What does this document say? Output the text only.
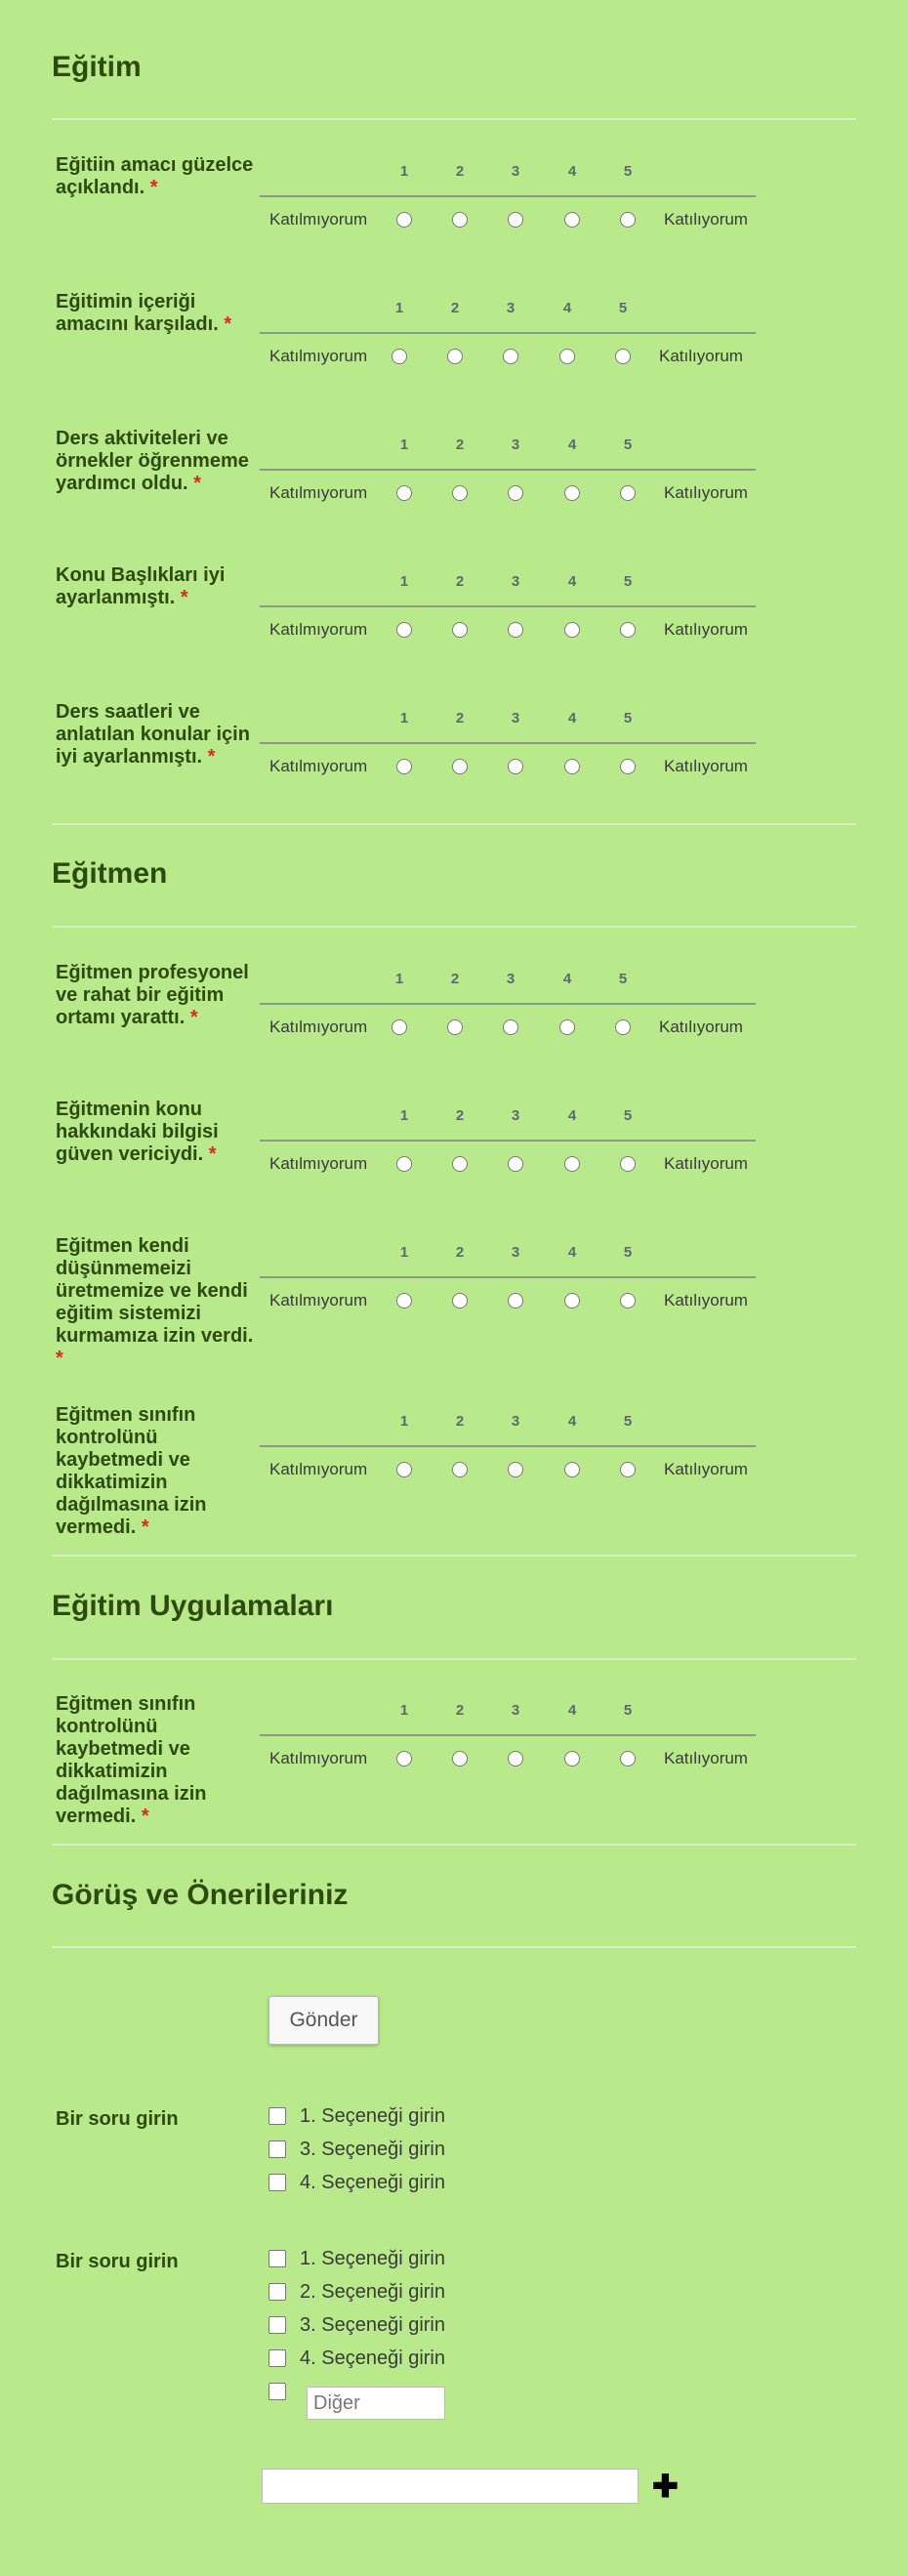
Eğitim
Eğitiin amacı güzelce açıklandı. *
1	2	3	4	5
Katılmıyorum	Katılıyorum
Eğitimin içeriği amacını karşıladı. *
1	2	3	4	5
Katılmıyorum	Katılıyorum
Ders aktiviteleri ve örnekler öğrenmeme yardımcı oldu. *
1	2	3	4	5
Katılmıyorum	Katılıyorum
Konu Başlıkları iyi ayarlanmıştı. *
1	2	3	4	5
Katılmıyorum	Katılıyorum
Ders saatleri ve anlatılan konular için iyi ayarlanmıştı. *
1	2	3	4	5
Katılmıyorum	Katılıyorum
Eğitmen
Eğitmen profesyonel ve rahat bir eğitim ortamı yarattı. *
1	2	3	4	5
Katılmıyorum	Katılıyorum
Eğitmenin konu hakkındaki bilgisi güven vericiydi. *
1	2	3	4	5
Katılmıyorum	Katılıyorum
Eğitmen kendi düşünmemeizi üretmemize ve kendi eğitim sistemizi kurmamıza izin verdi. *
1	2	3	4	5
Katılmıyorum	Katılıyorum
Eğitmen sınıfın kontrolünü kaybetmedi ve dikkatimizin dağılmasına izin vermedi. *
1	2	3	4	5
Katılmıyorum	Katılıyorum
Eğitim Uygulamaları
Eğitmen sınıfın kontrolünü kaybetmedi ve dikkatimizin dağılmasına izin vermedi. *
1	2	3	4	5
Katılmıyorum	Katılıyorum
Görüş ve Önerileriniz
Gönder
Bir soru girin	1. Seçeneği girin
3. Seçeneği girin
4. Seçeneği girin
Bir soru girin	1. Seçeneği girin
2. Seçeneği girin
3. Seçeneği girin
4. Seçeneği girin
Diğer
✚
